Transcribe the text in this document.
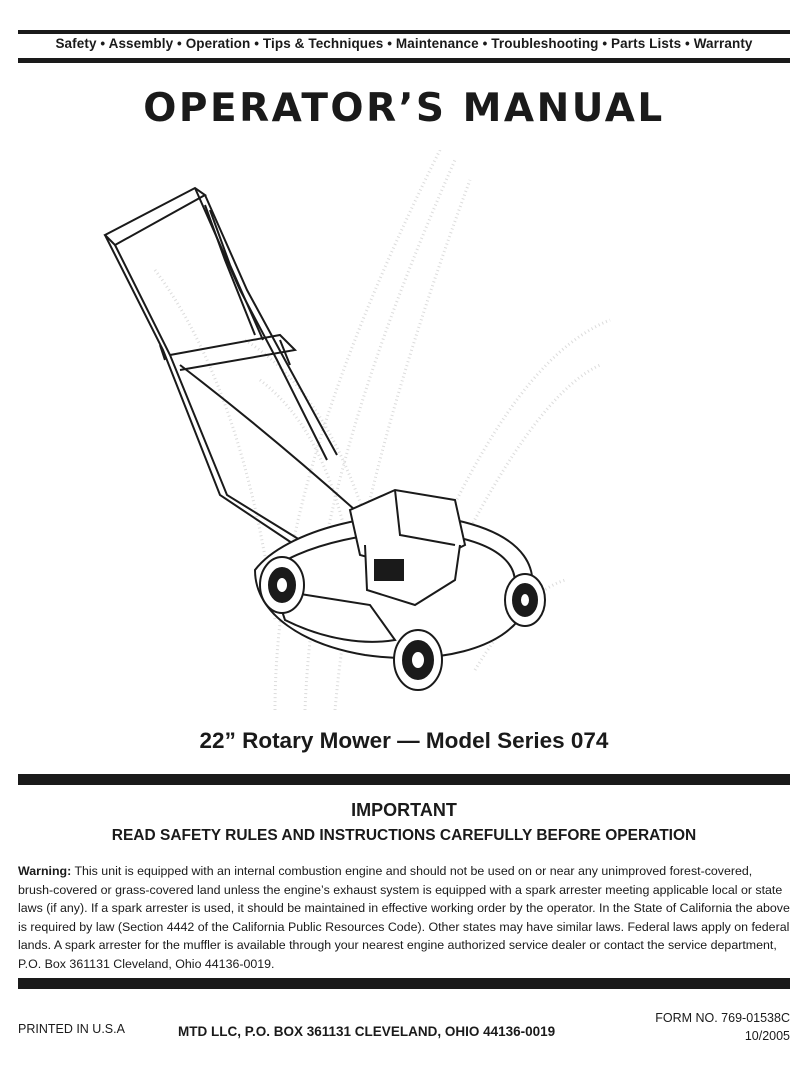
Safety • Assembly • Operation • Tips & Techniques • Maintenance • Troubleshooting • Parts Lists • Warranty
OPERATOR’S MANUAL
22” Rotary Mower — Model Series 074
IMPORTANT
READ SAFETY RULES AND INSTRUCTIONS CAREFULLY BEFORE OPERATION
Warning: This unit is equipped with an internal combustion engine and should not be used on or near any unimproved forest-covered, brush-covered or grass-covered land unless the engine’s exhaust system is equipped with a spark arrester meeting applicable local or state laws (if any). If a spark arrester is used, it should be maintained in effective working order by the operator. In the State of California the above is required by law (Section 4442 of the California Public Resources Code). Other states may have similar laws. Federal laws apply on federal lands. A spark arrester for the muffler is available through your nearest engine authorized service dealer or contact the service department, P.O. Box 361131 Cleveland, Ohio 44136-0019.
PRINTED IN U.S.A	MTD LLC, P.O. BOX 361131 CLEVELAND, OHIO 44136-0019
FORM NO. 769-01538C
10/2005
